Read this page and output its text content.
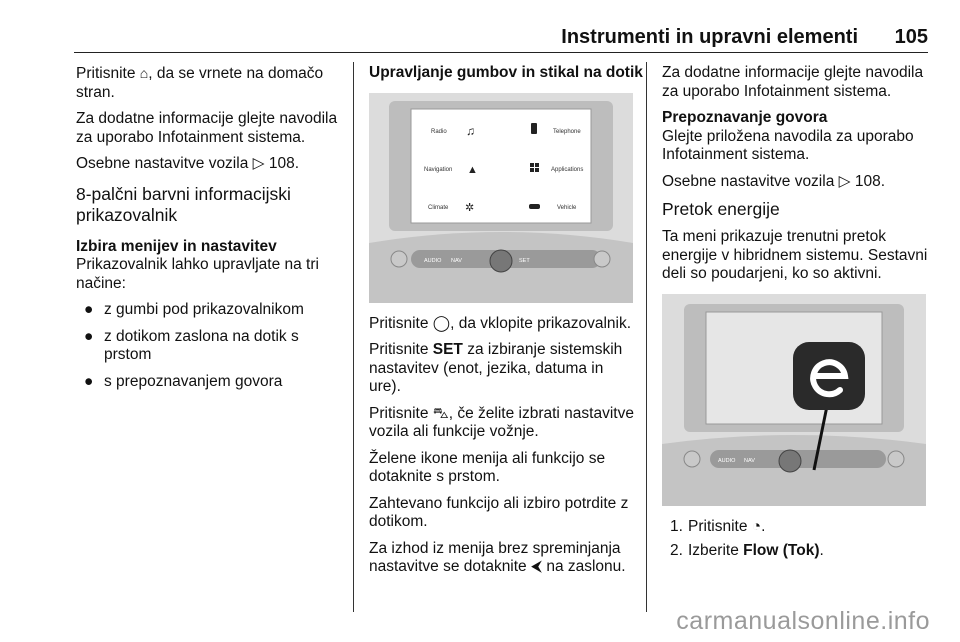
Instrumenti in upravni elementi 105

Pritisnite ⌂, da se vrnete na domačo stran.

Za dodatne informacije glejte navodila za uporabo Infotainment sistema.

Osebne nastavitve vozila ▷ 108.

8-palčni barvni informacijski prikazovalnik
Izbira menijev in nastavitev

Prikazovalnik lahko upravljate na tri načine:

● z gumbi pod prikazovalnikom
● z dotikom zaslona na dotik s prstom
● s prepoznavanjem govora
Upravljanje gumbov in stikal na dotik
Radio	Telephone
Navigation	Applications
Climate	Vehicle
♫
▲
✲
AUDIO NAV	SET

Pritisnite ◯, da vklopite prikazovalnik.

Pritisnite SET za izbiranje sistemskih nastavitev (enot, jezika, datuma in ure).

Pritisnite ⛍, če želite izbrati nastavitve vozila ali funkcije vožnje.

Želene ikone menija ali funkcijo se dotaknite s prstom.

Zahtevano funkcijo ali izbiro potrdite z dotikom.

Za izhod iz menija brez spreminjanja nastavitve se dotaknite ⮜ na zaslonu.

Za dodatne informacije glejte navodila za uporabo Infotainment sistema.

Prepoznavanje govora

Glejte priložena navodila za uporabo Infotainment sistema.

Osebne nastavitve vozila ▷ 108.

Pretok energije

Ta meni prikazuje trenutni pretok energije v hibridnem sistemu. Sestavni deli so poudarjeni, ko so aktivni.

AUDIO NAV
1. Pritisnite ◔.
2. Izberite Flow (Tok).
carmanualsonline.info
